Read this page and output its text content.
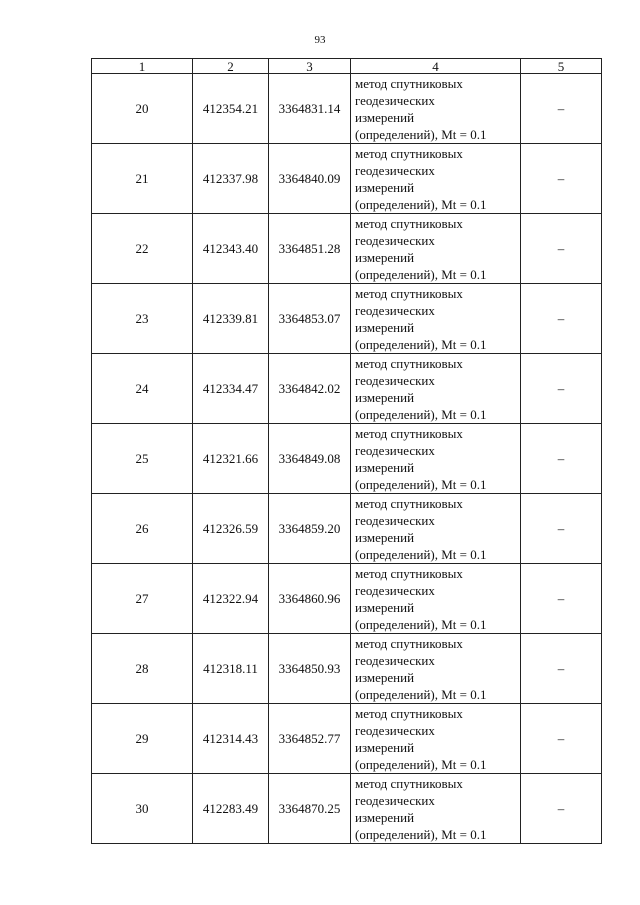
93
1	2	3	4	5
20	412354.21	3364831.14	метод спутниковых
геодезических
измерений
(определений), Mt = 0.1	–
21	412337.98	3364840.09	метод спутниковых
геодезических
измерений
(определений), Mt = 0.1	–
22	412343.40	3364851.28	метод спутниковых
геодезических
измерений
(определений), Mt = 0.1	–
23	412339.81	3364853.07	метод спутниковых
геодезических
измерений
(определений), Mt = 0.1	–
24	412334.47	3364842.02	метод спутниковых
геодезических
измерений
(определений), Mt = 0.1	–
25	412321.66	3364849.08	метод спутниковых
геодезических
измерений
(определений), Mt = 0.1	–
26	412326.59	3364859.20	метод спутниковых
геодезических
измерений
(определений), Mt = 0.1	–
27	412322.94	3364860.96	метод спутниковых
геодезических
измерений
(определений), Mt = 0.1	–
28	412318.11	3364850.93	метод спутниковых
геодезических
измерений
(определений), Mt = 0.1	–
29	412314.43	3364852.77	метод спутниковых
геодезических
измерений
(определений), Mt = 0.1	–
30	412283.49	3364870.25	метод спутниковых
геодезических
измерений
(определений), Mt = 0.1	–
